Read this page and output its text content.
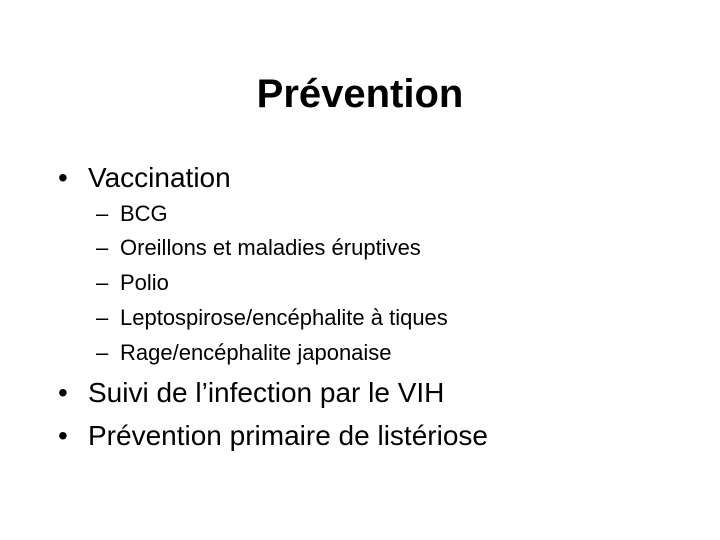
Prévention
• Vaccination
– BCG
– Oreillons et maladies éruptives
– Polio
– Leptospirose/encéphalite à tiques
– Rage/encéphalite japonaise
• Suivi de l’infection par le VIH
• Prévention primaire de listériose
